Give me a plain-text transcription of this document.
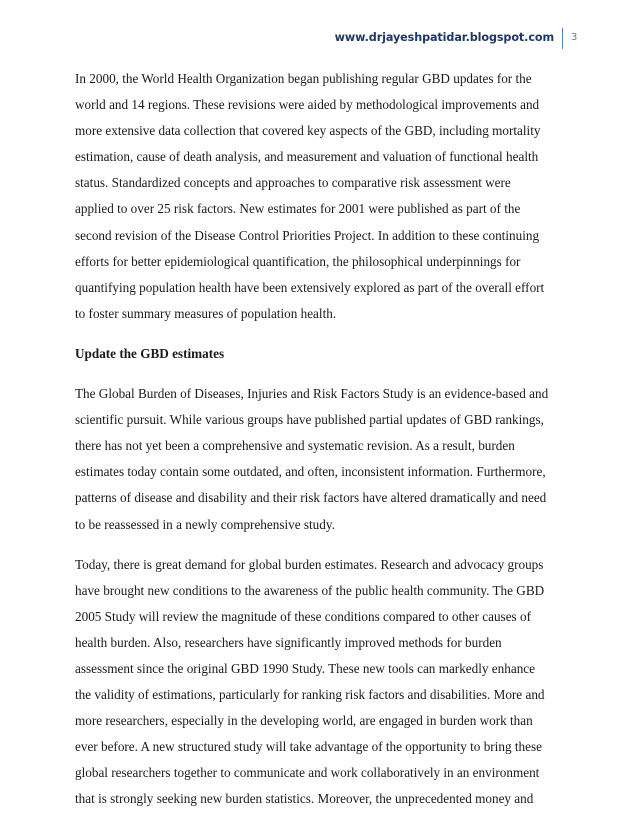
www.drjayeshpatidar.blogspot.com 3

In 2000, the World Health Organization began publishing regular GBD updates for the
world and 14 regions. These revisions were aided by methodological improvements and
more extensive data collection that covered key aspects of the GBD, including mortality
estimation, cause of death analysis, and measurement and valuation of functional health
status. Standardized concepts and approaches to comparative risk assessment were
applied to over 25 risk factors. New estimates for 2001 were published as part of the
second revision of the Disease Control Priorities Project. In addition to these continuing
efforts for better epidemiological quantification, the philosophical underpinnings for
quantifying population health have been extensively explored as part of the overall effort
to foster summary measures of population health.

Update the GBD estimates

The Global Burden of Diseases, Injuries and Risk Factors Study is an evidence-based and
scientific pursuit. While various groups have published partial updates of GBD rankings,
there has not yet been a comprehensive and systematic revision. As a result, burden
estimates today contain some outdated, and often, inconsistent information. Furthermore,
patterns of disease and disability and their risk factors have altered dramatically and need
to be reassessed in a newly comprehensive study.

Today, there is great demand for global burden estimates. Research and advocacy groups
have brought new conditions to the awareness of the public health community. The GBD
2005 Study will review the magnitude of these conditions compared to other causes of
health burden. Also, researchers have significantly improved methods for burden
assessment since the original GBD 1990 Study. These new tools can markedly enhance
the validity of estimations, particularly for ranking risk factors and disabilities. More and
more researchers, especially in the developing world, are engaged in burden work than
ever before. A new structured study will take advantage of the opportunity to bring these
global researchers together to communicate and work collaboratively in an environment
that is strongly seeking new burden statistics. Moreover, the unprecedented money and
